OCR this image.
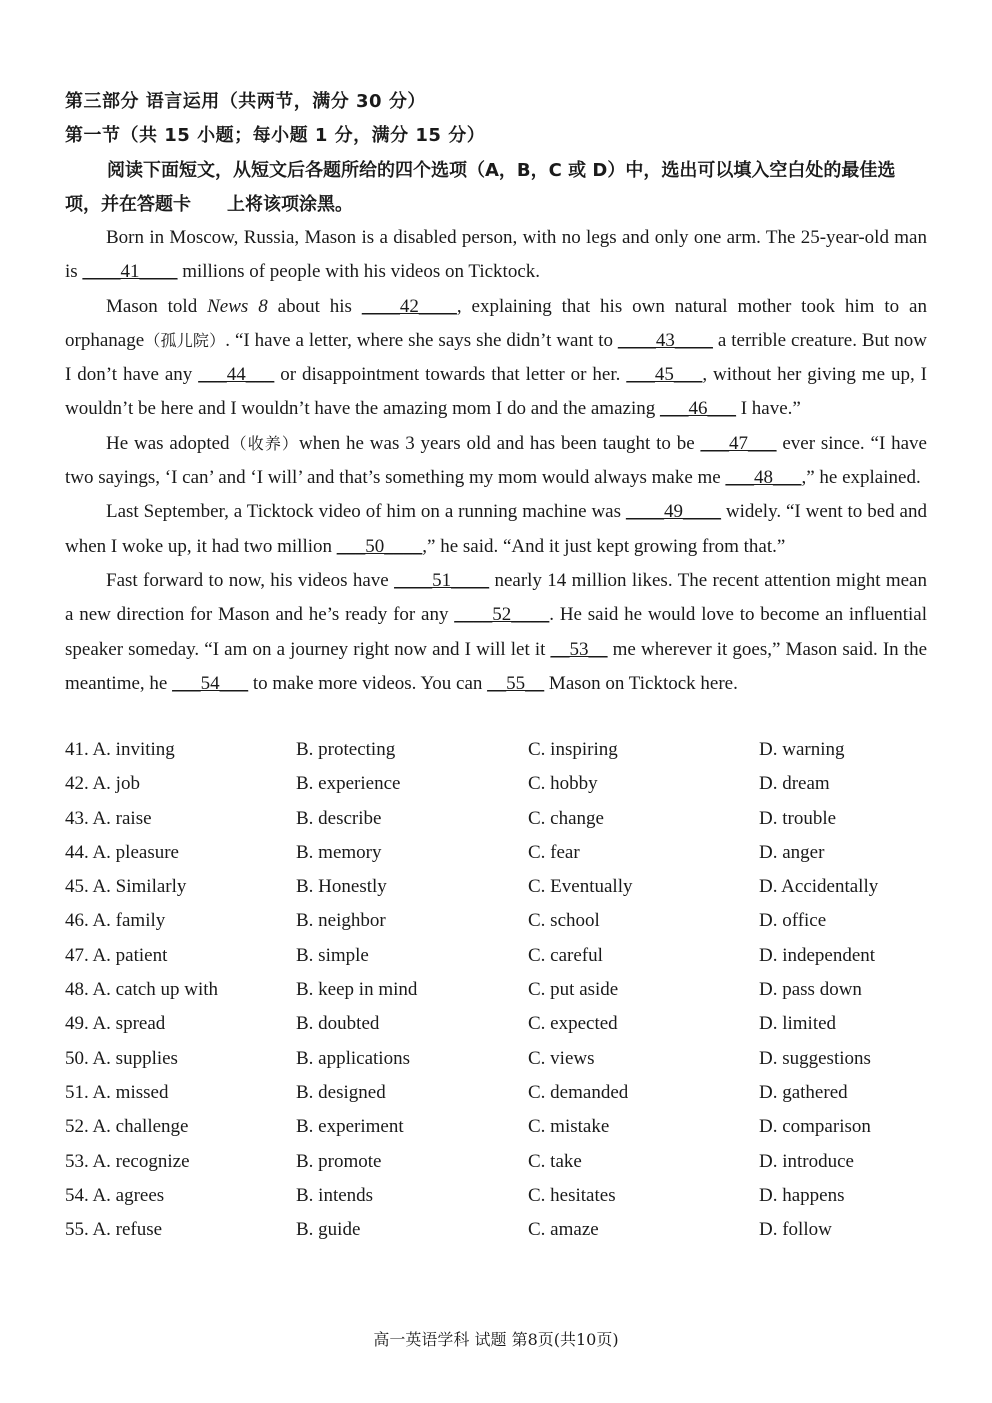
第三部分 语言运用（共两节，满分 30 分）
第一节（共 15 小题；每小题 1 分，满分 15 分）
阅读下面短文，从短文后各题所给的四个选项（A，B，C 或 D）中，选出可以填入空白处的最佳选项，并在答题卡　　上将该项涂黑。

Born in Moscow, Russia, Mason is a disabled person, with no legs and only one arm. The 25-year-old man is ____41____ millions of people with his videos on Ticktock.

Mason told News 8 about his ____42____, explaining that his own natural mother took him to an orphanage（孤儿院）. “I have a letter, where she says she didn’t want to ____43____ a terrible creature. But now I don’t have any ___44___ or disappointment towards that letter or her. ___45___, without her giving me up, I wouldn’t be here and I wouldn’t have the amazing mom I do and the amazing ___46___ I have.”

He was adopted（收养）when he was 3 years old and has been taught to be ___47___ ever since. “I have two sayings, ‘I can’ and ‘I will’ and that’s something my mom would always make me ___48___,” he explained.

Last September, a Ticktock video of him on a running machine was ____49____ widely. “I went to bed and when I woke up, it had two million ___50____,” he said. “And it just kept growing from that.”

Fast forward to now, his videos have ____51____ nearly 14 million likes. The recent attention might mean a new direction for Mason and he’s ready for any ____52____. He said he would love to become an influential speaker someday. “I am on a journey right now and I will let it __53__ me wherever it goes,” Mason said. In the meantime, he ___54___ to make more videos. You can __55__ Mason on Ticktock here.

41. A. inviting	B. protecting	C. inspiring	D. warning
42. A. job	B. experience	C. hobby	D. dream
43. A. raise	B. describe	C. change	D. trouble
44. A. pleasure	B. memory	C. fear	D. anger
45. A. Similarly	B. Honestly	C. Eventually	D. Accidentally
46. A. family	B. neighbor	C. school	D. office
47. A. patient	B. simple	C. careful	D. independent
48. A. catch up with	B. keep in mind	C. put aside	D. pass down
49. A. spread	B. doubted	C. expected	D. limited
50. A. supplies	B. applications	C. views	D. suggestions
51. A. missed	B. designed	C. demanded	D. gathered
52. A. challenge	B. experiment	C. mistake	D. comparison
53. A. recognize	B. promote	C. take	D. introduce
54. A. agrees	B. intends	C. hesitates	D. happens
55. A. refuse	B. guide	C. amaze	D. follow
高一英语学科 试题 第8页(共10页)
